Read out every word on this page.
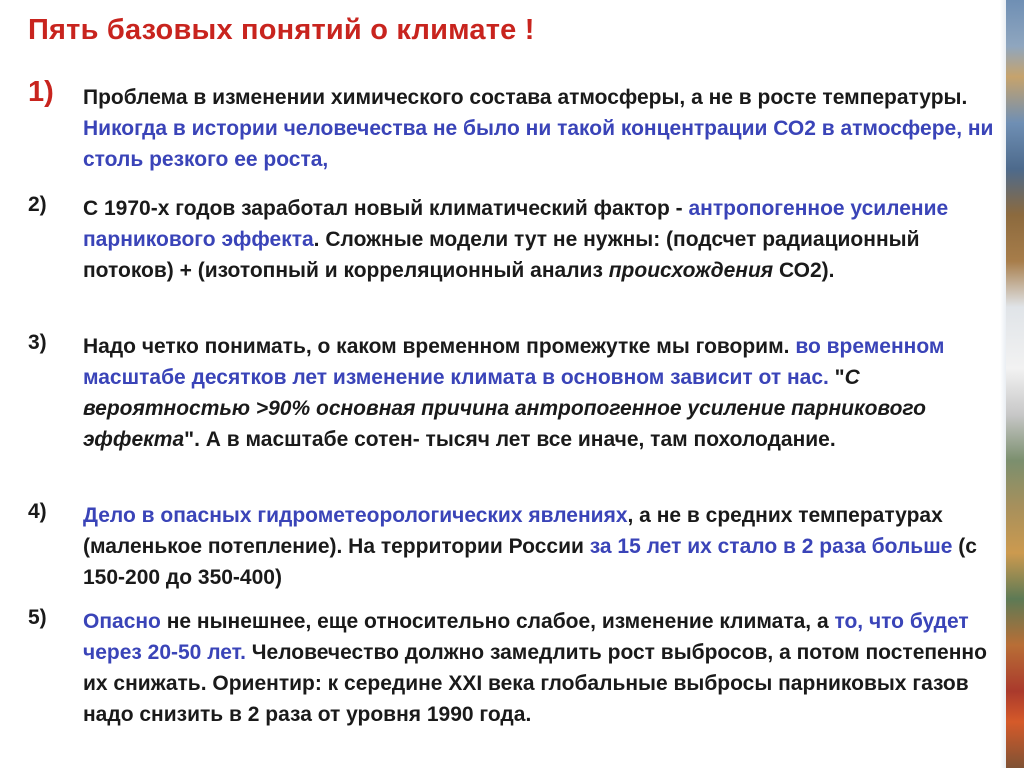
Пять базовых понятий о климате !
1) Проблема в изменении химического состава атмосферы, а не в росте температуры. Никогда в истории человечества не было ни такой концентрации СО2 в атмосфере, ни столь резкого ее роста,
2) С 1970-х годов заработал новый климатический фактор - антропогенное усиление парникового эффекта. Сложные модели тут не нужны: (подсчет радиационный потоков) + (изотопный и корреляционный анализ происхождения СО2).
3) Надо четко понимать, о каком временном промежутке мы говорим. во временном масштабе десятков лет изменение климата в основном зависит от нас. "С вероятностью >90% основная причина антропогенное усиление парникового эффекта". А в масштабе сотен- тысяч лет все иначе, там похолодание.
4) Дело в опасных гидрометеорологических явлениях, а не в средних температурах (маленькое потепление). На территории России за 15 лет их стало в 2 раза больше (с 150-200 до 350-400)
5) Опасно не нынешнее, еще относительно слабое, изменение климата, а то, что будет через 20-50 лет. Человечество должно замедлить рост выбросов, а потом постепенно их снижать. Ориентир: к середине XXI века глобальные выбросы парниковых газов надо снизить в 2 раза от уровня 1990 года.
